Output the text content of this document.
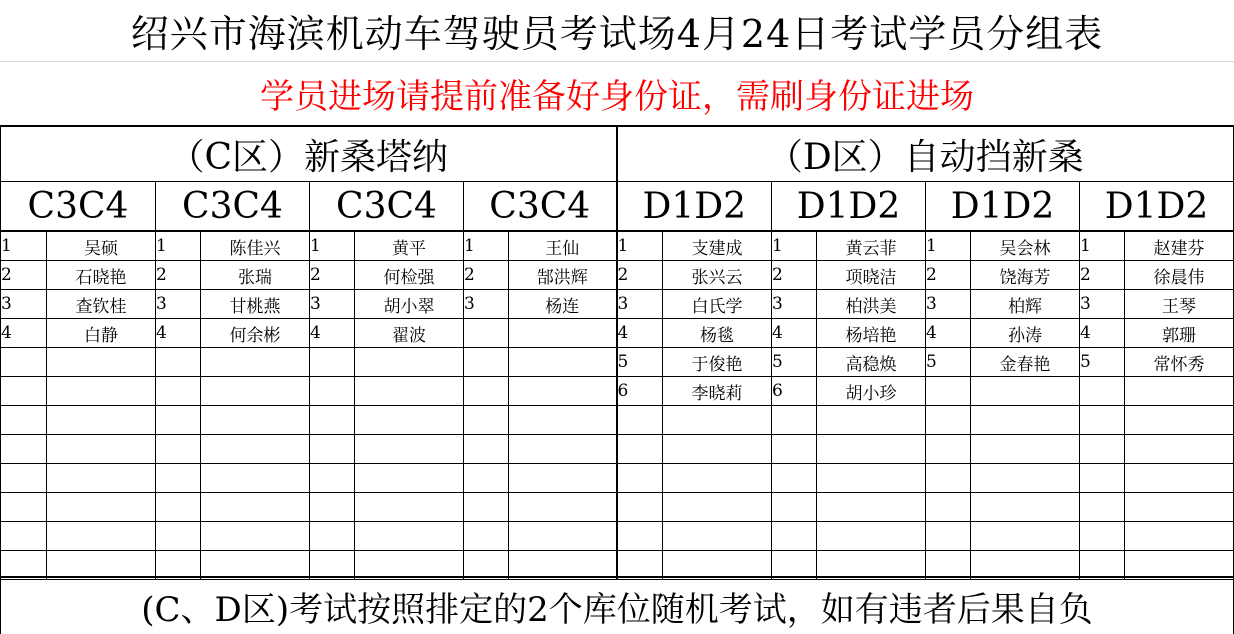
绍兴市海滨机动车驾驶员考试场4月24日考试学员分组表
学员进场请提前准备好身份证，需刷身份证进场
（C区）新桑塔纳								（D区）自动挡新桑							
C3C4		C3C4		C3C4		C3C4		D1D2		D1D2		D1D2		D1D2	
1	吴硕	1	陈佳兴	1	黄平	1	王仙	1	支建成	1	黄云菲	1	吴会林	1	赵建芬
2	石晓艳	2	张瑞	2	何检强	2	郜洪辉	2	张兴云	2	项晓洁	2	饶海芳	2	徐晨伟
3	查钦桂	3	甘桃燕	3	胡小翠	3	杨连	3	白氏学	3	柏洪美	3	柏辉	3	王琴
4	白静	4	何余彬	4	翟波			4	杨毯	4	杨培艳	4	孙涛	4	郭珊
								5	于俊艳	5	高稳焕	5	金春艳	5	常怀秀
								6	李晓莉	6	胡小珍				

(C、D区)考试按照排定的2个库位随机考试，如有违者后果自负
